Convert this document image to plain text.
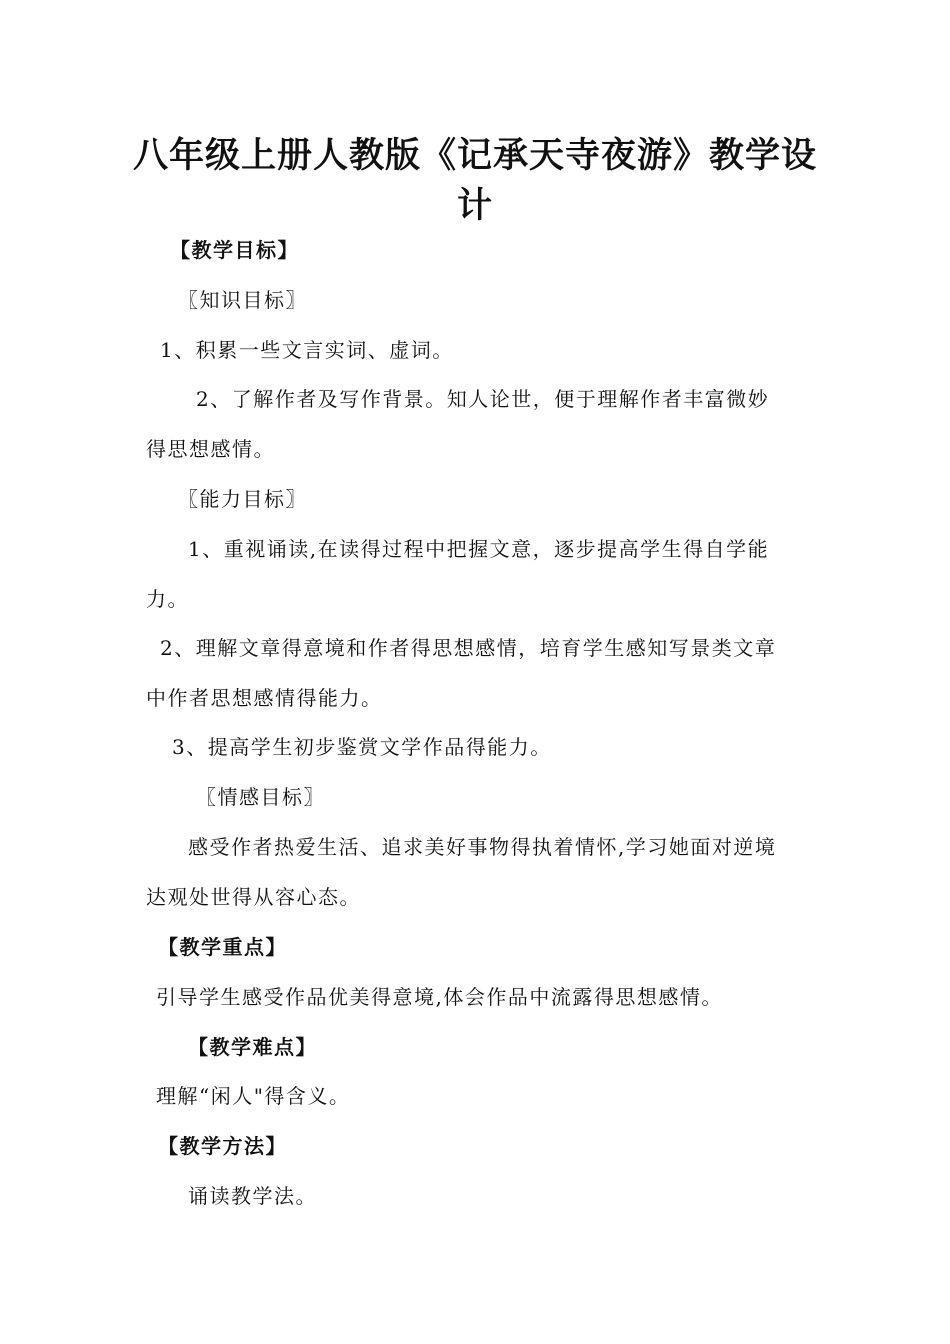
八年级上册人教版《记承天寺夜游》教学设
计
【教学目标】
〖知识目标〗
1、积累一些文言实词、虚词。
2、了解作者及写作背景。知人论世，便于理解作者丰富微妙
得思想感情。
〖能力目标〗
1、重视诵读,在读得过程中把握文意，逐步提高学生得自学能
力。
2、理解文章得意境和作者得思想感情，培育学生感知写景类文章
中作者思想感情得能力。
3、提高学生初步鉴赏文学作品得能力。
〖情感目标〗
感受作者热爱生活、追求美好事物得执着情怀,学习她面对逆境
达观处世得从容心态。
【教学重点】
引导学生感受作品优美得意境,体会作品中流露得思想感情。
【教学难点】
理解“闲人"得含义。
【教学方法】
诵读教学法。
